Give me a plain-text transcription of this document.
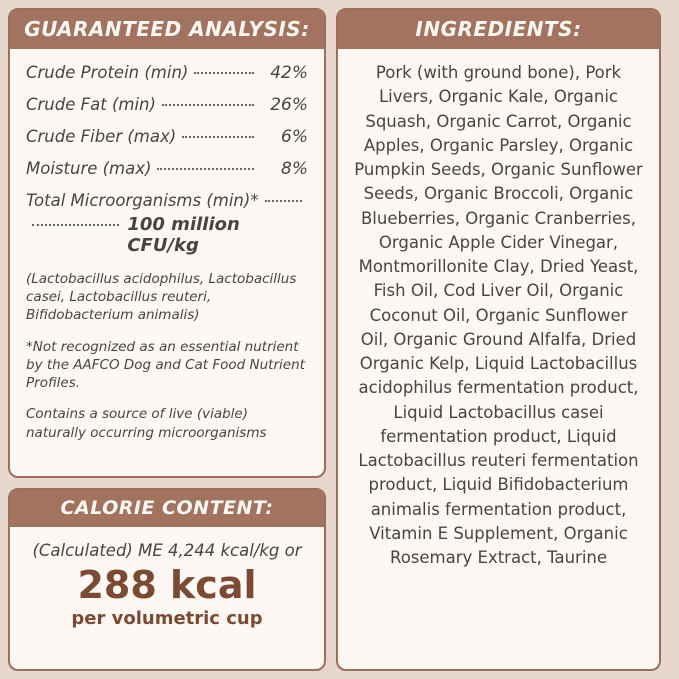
GUARANTEED ANALYSIS:
Crude Protein (min)	42%
Crude Fat (min)	26%
Crude Fiber (max)	6%
Moisture (max)	8%
Total Microorganisms (min)*
100 million CFU/kg
(Lactobacillus acidophilus, Lactobacillus casei, Lactobacillus reuteri, Bifidobacterium animalis)
*Not recognized as an essential nutrient by the AAFCO Dog and Cat Food Nutrient Profiles.
Contains a source of live (viable) naturally occurring microorganisms
CALORIE CONTENT:
(Calculated) ME 4,244 kcal/kg or
288 kcal
per volumetric cup
INGREDIENTS:
Pork (with ground bone), Pork Livers, Organic Kale, Organic Squash, Organic Carrot, Organic Apples, Organic Parsley, Organic Pumpkin Seeds, Organic Sunflower Seeds, Organic Broccoli, Organic Blueberries, Organic Cranberries, Organic Apple Cider Vinegar, Montmorillonite Clay, Dried Yeast, Fish Oil, Cod Liver Oil, Organic Coconut Oil, Organic Sunflower Oil, Organic Ground Alfalfa, Dried Organic Kelp, Liquid Lactobacillus acidophilus fermentation product, Liquid Lactobacillus casei fermentation product, Liquid Lactobacillus reuteri fermentation product, Liquid Bifidobacterium animalis fermentation product, Vitamin E Supplement, Organic Rosemary Extract, Taurine
